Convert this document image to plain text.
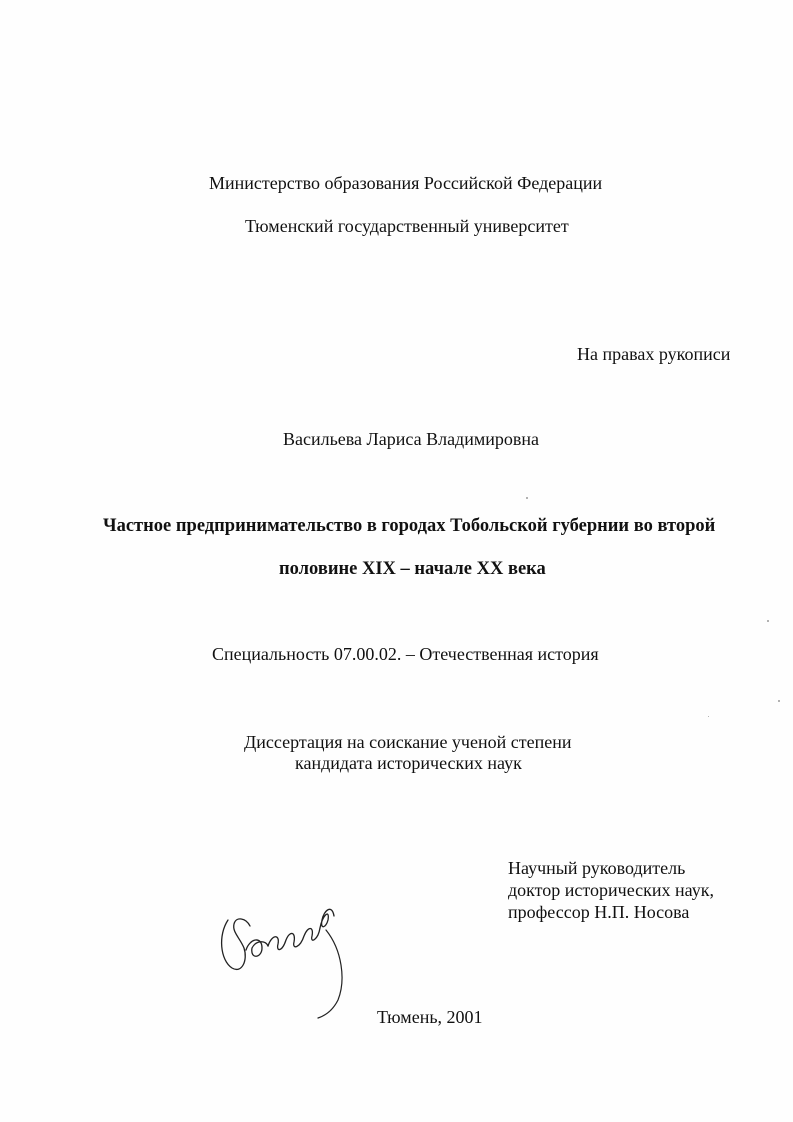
Министерство образования Российской Федерации
Тюменский государственный университет
На правах рукописи
Васильева Лариса Владимировна
Частное предпринимательство в городах Тобольской губернии во второй
половине XIX – начале XX века
Специальность 07.00.02. – Отечественная история
Диссертация на соискание ученой степени
кандидата исторических наук
Научный руководитель
доктор исторических наук,
профессор Н.П. Носова
Тюмень, 2001
